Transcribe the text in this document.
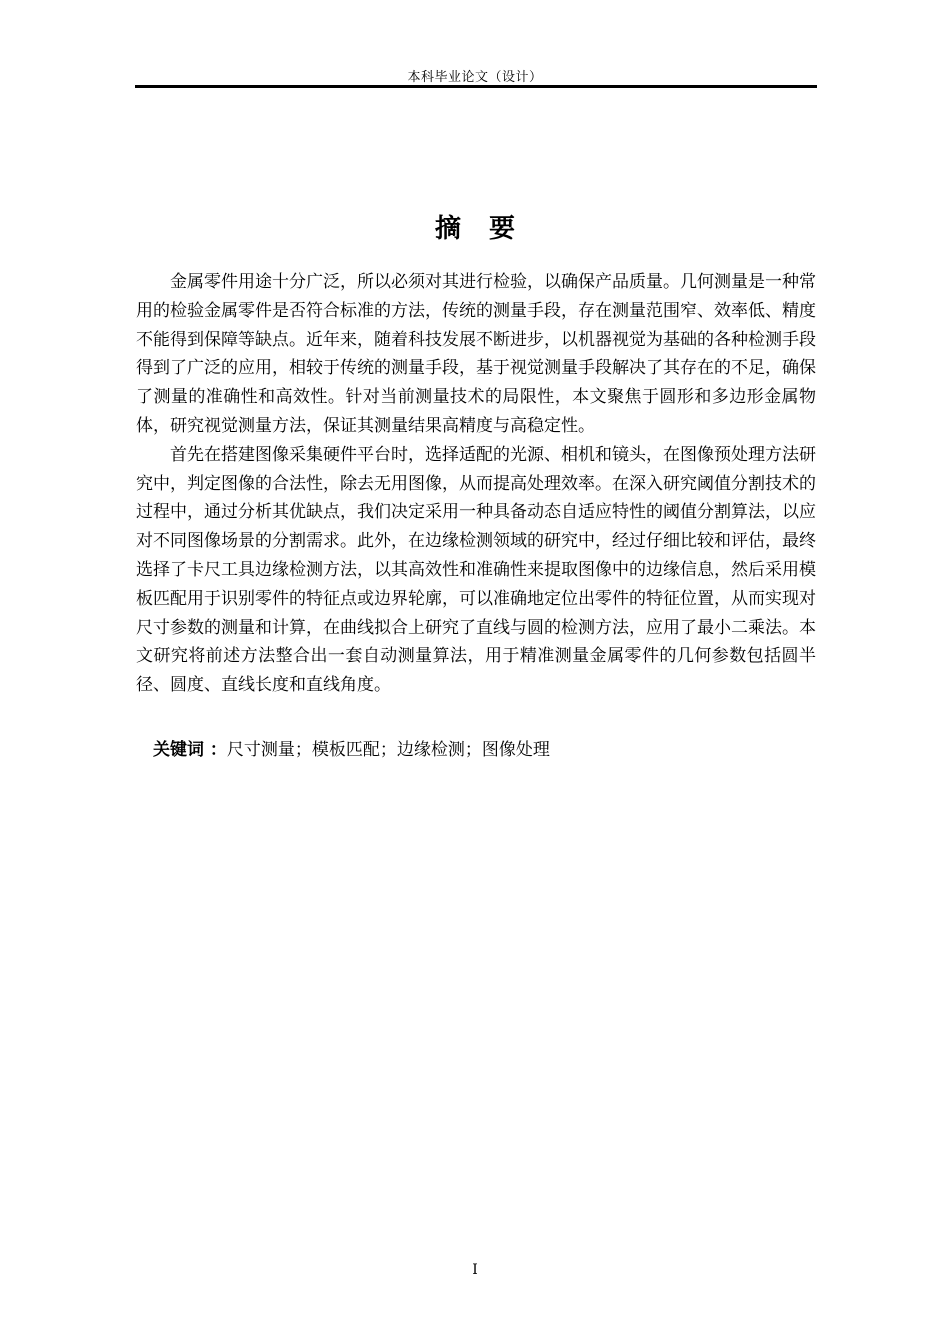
本科毕业论文（设计）
摘要

金属零件用途十分广泛，所以必须对其进行检验，以确保产品质量。几何测量是一种常用的检验金属零件是否符合标准的方法，传统的测量手段，存在测量范围窄、效率低、精度不能得到保障等缺点。近年来，随着科技发展不断进步，以机器视觉为基础的各种检测手段得到了广泛的应用，相较于传统的测量手段，基于视觉测量手段解决了其存在的不足，确保了测量的准确性和高效性。针对当前测量技术的局限性，本文聚焦于圆形和多边形金属物体，研究视觉测量方法，保证其测量结果高精度与高稳定性。

首先在搭建图像采集硬件平台时，选择适配的光源、相机和镜头，在图像预处理方法研究中，判定图像的合法性，除去无用图像，从而提高处理效率。在深入研究阈值分割技术的过程中，通过分析其优缺点，我们决定采用一种具备动态自适应特性的阈值分割算法，以应对不同图像场景的分割需求。此外，在边缘检测领域的研究中，经过仔细比较和评估，最终选择了卡尺工具边缘检测方法，以其高效性和准确性来提取图像中的边缘信息，然后采用模板匹配用于识别零件的特征点或边界轮廓，可以准确地定位出零件的特征位置，从而实现对尺寸参数的测量和计算，在曲线拟合上研究了直线与圆的检测方法，应用了最小二乘法。本文研究将前述方法整合出一套自动测量算法，用于精准测量金属零件的几何参数包括圆半径、圆度、直线长度和直线角度。

关键词 ：尺寸测量；模板匹配；边缘检测；图像处理
I
